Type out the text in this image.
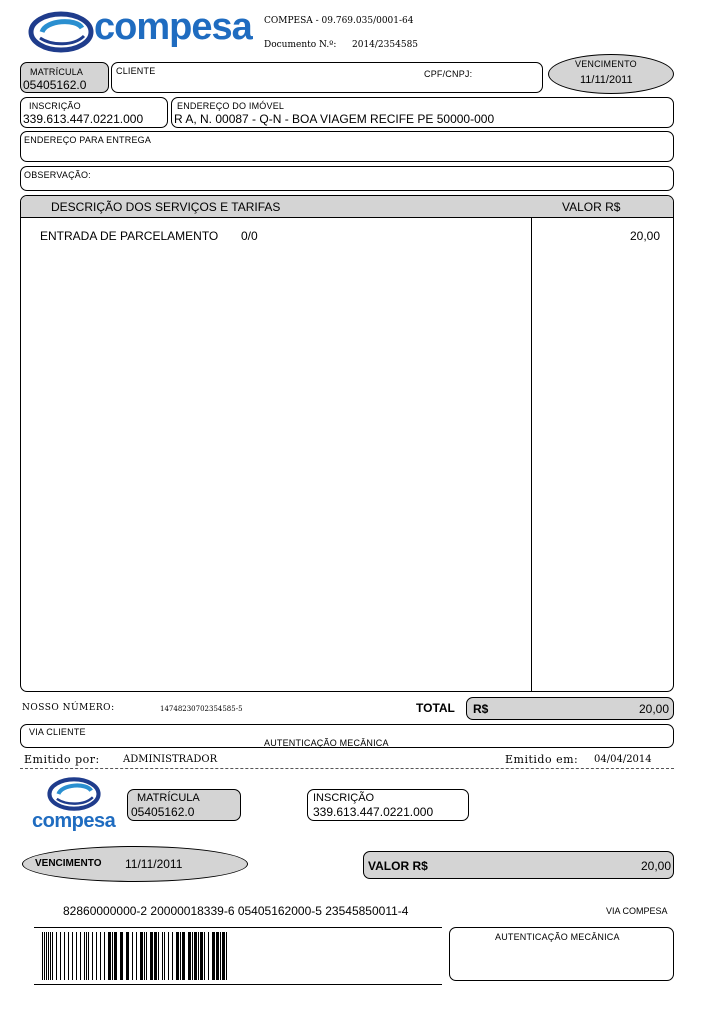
compesa COMPESA - 09.769.035/0001-64
Documento N.º: 2014/2354585
MATRÍCULA
05405162.0
CLIENTE	CPF/CNPJ:
VENCIMENTO
11/11/2011
INSCRIÇÃO
339.613.447.0221.000
ENDEREÇO DO IMÓVEL
R A, N. 00087 - Q-N - BOA VIAGEM RECIFE PE 50000-000
ENDEREÇO PARA ENTREGA
OBSERVAÇÃO:
DESCRIÇÃO DOS SERVIÇOS E TARIFAS	VALOR R$
ENTRADA DE PARCELAMENTO 0/0	20,00
NOSSO NÚMERO:	14748230702354585-5	TOTAL R$	20,00
VIA CLIENTE
AUTENTICAÇÃO MECÂNICA
Emitido por: ADMINISTRADOR	Emitido em: 04/04/2014
compesa
MATRÍCULA
05405162.0
INSCRIÇÃO
339.613.447.0221.000
VENCIMENTO 11/11/2011	VALOR R$	20,00
82860000000-2 20000018339-6 05405162000-5 23545850011-4	VIA COMPESA
AUTENTICAÇÃO MECÂNICA
